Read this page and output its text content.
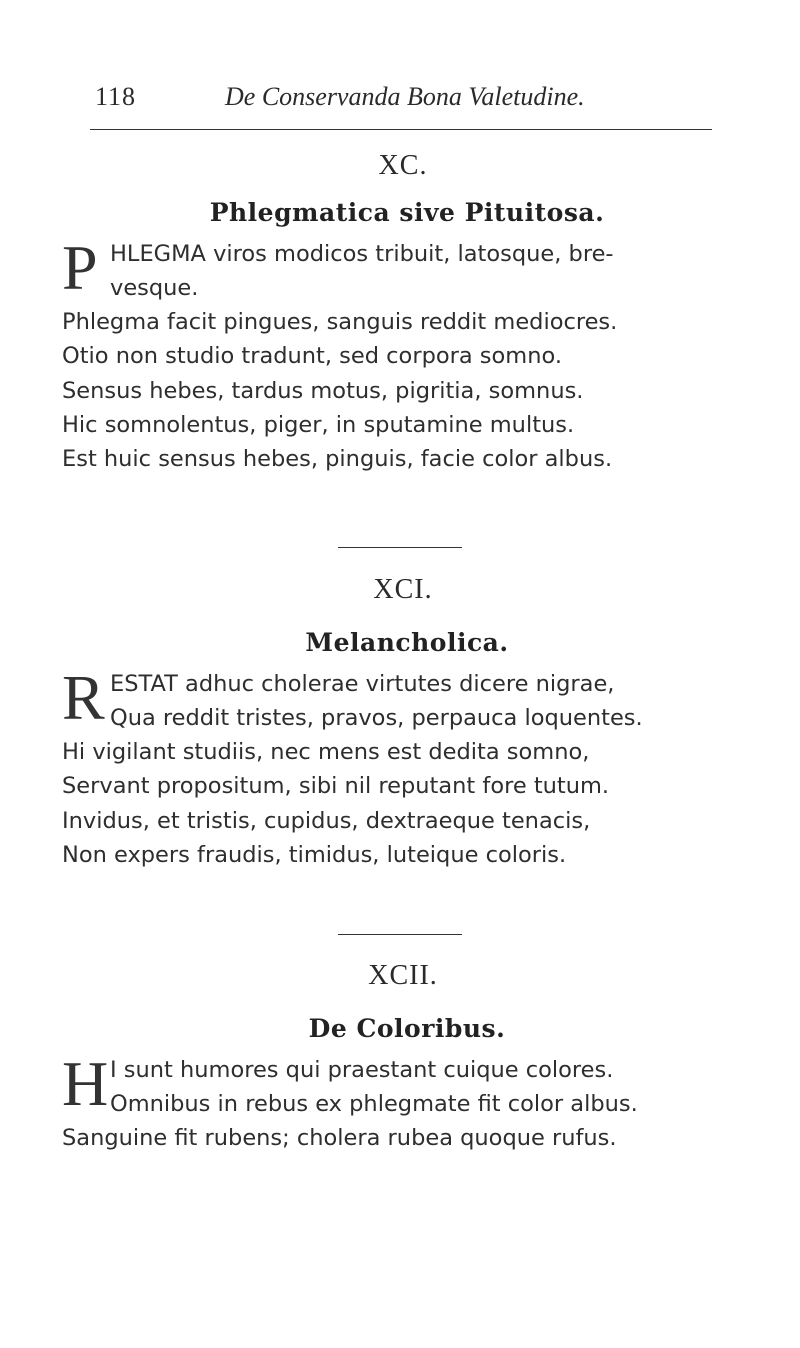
118	De Conservanda Bona Valetudine.
XC.
Phlegmatica sive Pituitosa.
P HLEGMA viros modicos tribuit, latosque, bre-
vesque.
Phlegma facit pingues, sanguis reddit mediocres.
Otio non studio tradunt, sed corpora somno.
Sensus hebes, tardus motus, pigritia, somnus.
Hic somnolentus, piger, in sputamine multus.
Est huic sensus hebes, pinguis, facie color albus.
XCI.
Melancholica.
R ESTAT adhuc cholerae virtutes dicere nigrae,
Qua reddit tristes, pravos, perpauca loquentes.
Hi vigilant studiis, nec mens est dedita somno,
Servant propositum, sibi nil reputant fore tutum.
Invidus, et tristis, cupidus, dextraeque tenacis,
Non expers fraudis, timidus, luteique coloris.
XCII.
De Coloribus.
H I sunt humores qui praestant cuique colores.
Omnibus in rebus ex phlegmate fit color albus.
Sanguine fit rubens; cholera rubea quoque rufus.
